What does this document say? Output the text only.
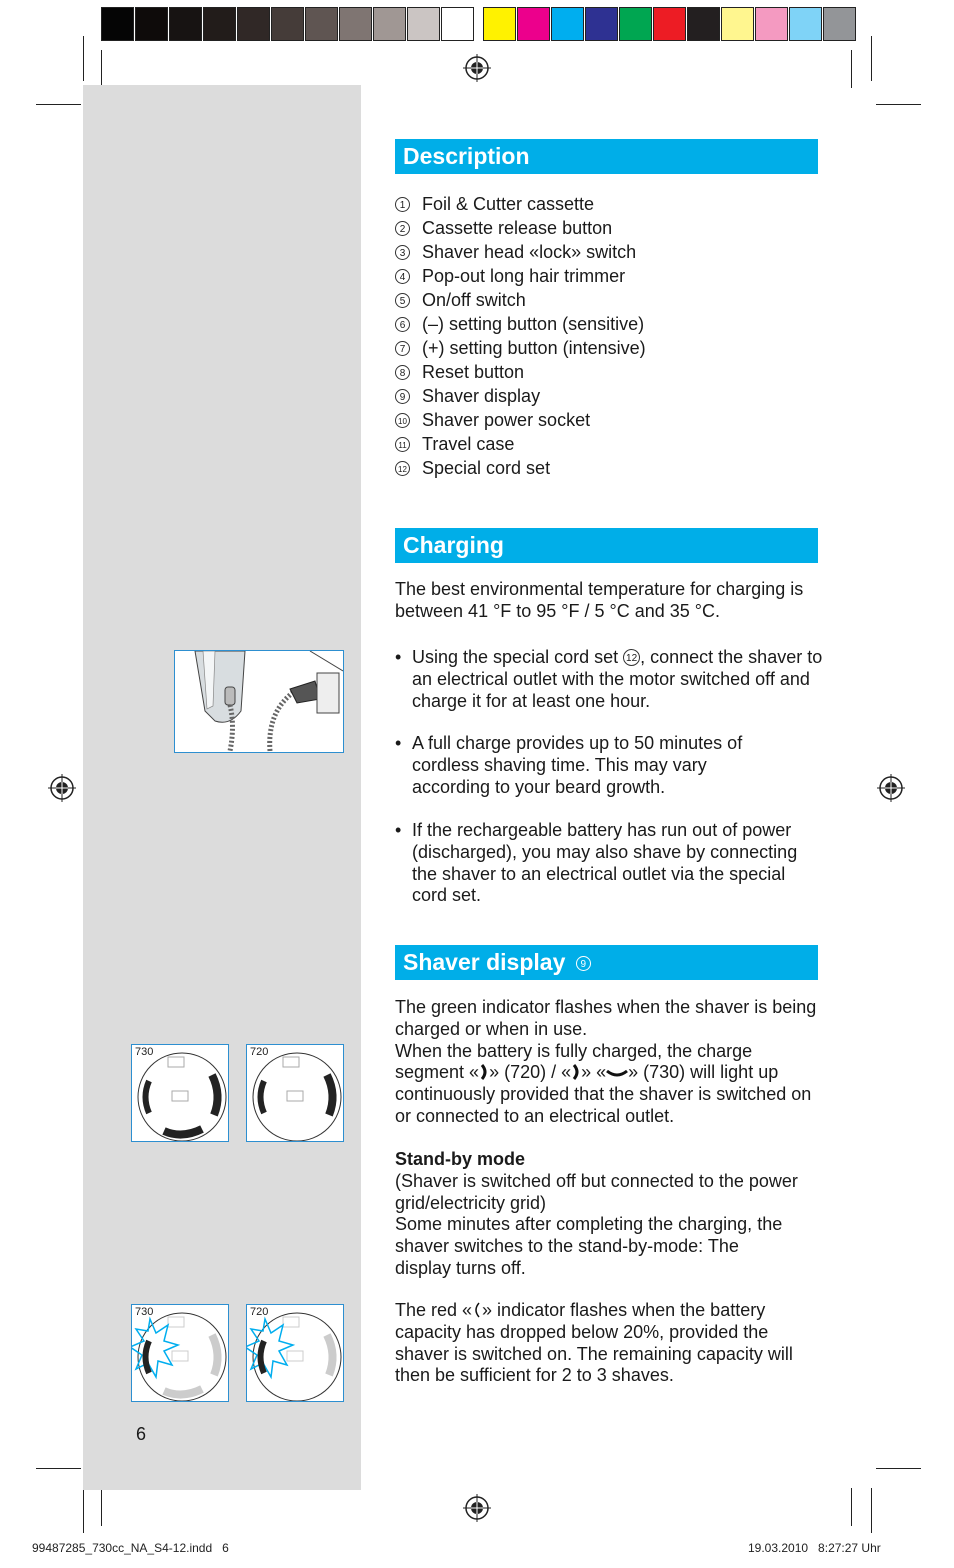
730	720
730	720
Description
1 Foil & Cutter cassette
2 Cassette release button
3 Shaver head «lock» switch
4 Pop-out long hair trimmer
5 On/off switch
6 (–) setting button (sensitive)
7 (+) setting button (intensive)
8 Reset button
9 Shaver display
10 Shaver power socket
11 Travel case
12 Special cord set
Charging
The best environmental temperature for charging is between 41 °F to 95 °F / 5 °C and 35 °C.
• Using the special cord set 12 , connect the shaver to an electrical outlet with the motor switched off and charge it for at least one hour.
• A full charge provides up to 50 minutes of cordless shaving time. This may vary according to your beard growth.
• If the rechargeable battery has run out of power (discharged), you may also shave by connecting the shaver to an electrical outlet via the special cord set.
Shaver display 9
The green indicator flashes when the shaver is being charged or when in use.
When the battery is fully charged, the charge segment « » (720) / « » « » (730) will light up continuously provided that the shaver is switched on or connected to an electrical outlet.
Stand-by mode
(Shaver is switched off but connected to the power grid/electricity grid)
Some minutes after completing the charging, the shaver switches to the stand-by-mode: The display turns off.
The red « » indicator flashes when the battery capacity has dropped below 20%, provided the shaver is switched on. The remaining capacity will then be sufficient for 2 to 3 shaves.
6
99487285_730cc_NA_S4-12.indd   6	19.03.2010   8:27:27 Uhr
